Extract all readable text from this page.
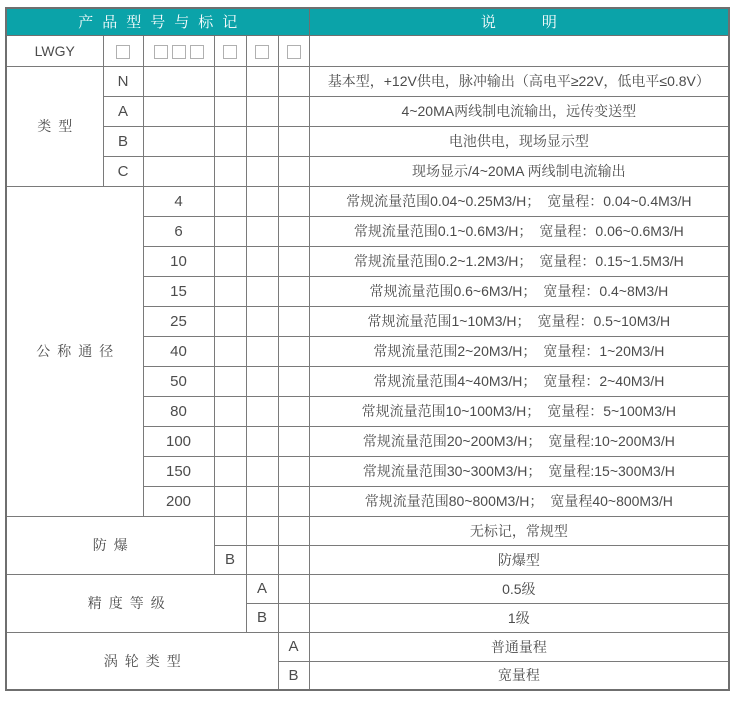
产品型号与标记						说明
LWGY						
类型	N					基本型，+12V供电，脉冲输出（高电平≥22V，低电平≤0.8V）
	A					4~20MA两线制电流输出，远传变送型
	B					电池供电，现场显示型
	C					现场显示/4~20MA 两线制电流输出
公称通径		4				常规流量范围0.04~0.25M3/H；　宽量程：0.04~0.4M3/H
		6				常规流量范围0.1~0.6M3/H；　宽量程：0.06~0.6M3/H
		10				常规流量范围0.2~1.2M3/H；　宽量程：0.15~1.5M3/H
		15				常规流量范围0.6~6M3/H；　宽量程：0.4~8M3/H
		25				常规流量范围1~10M3/H；　宽量程：0.5~10M3/H
		40				常规流量范围2~20M3/H；　宽量程：1~20M3/H
		50				常规流量范围4~40M3/H；　宽量程：2~40M3/H
		80				常规流量范围10~100M3/H；　宽量程：5~100M3/H
		100				常规流量范围20~200M3/H；　宽量程:10~200M3/H
		150				常规流量范围30~300M3/H；　宽量程:15~300M3/H
		200				常规流量范围80~800M3/H；　宽量程40~800M3/H
防爆						无标记，常规型
			B			防爆型
精度等级				A		0.5级
				B		1级
涡轮类型					A	普通量程
					B	宽量程
